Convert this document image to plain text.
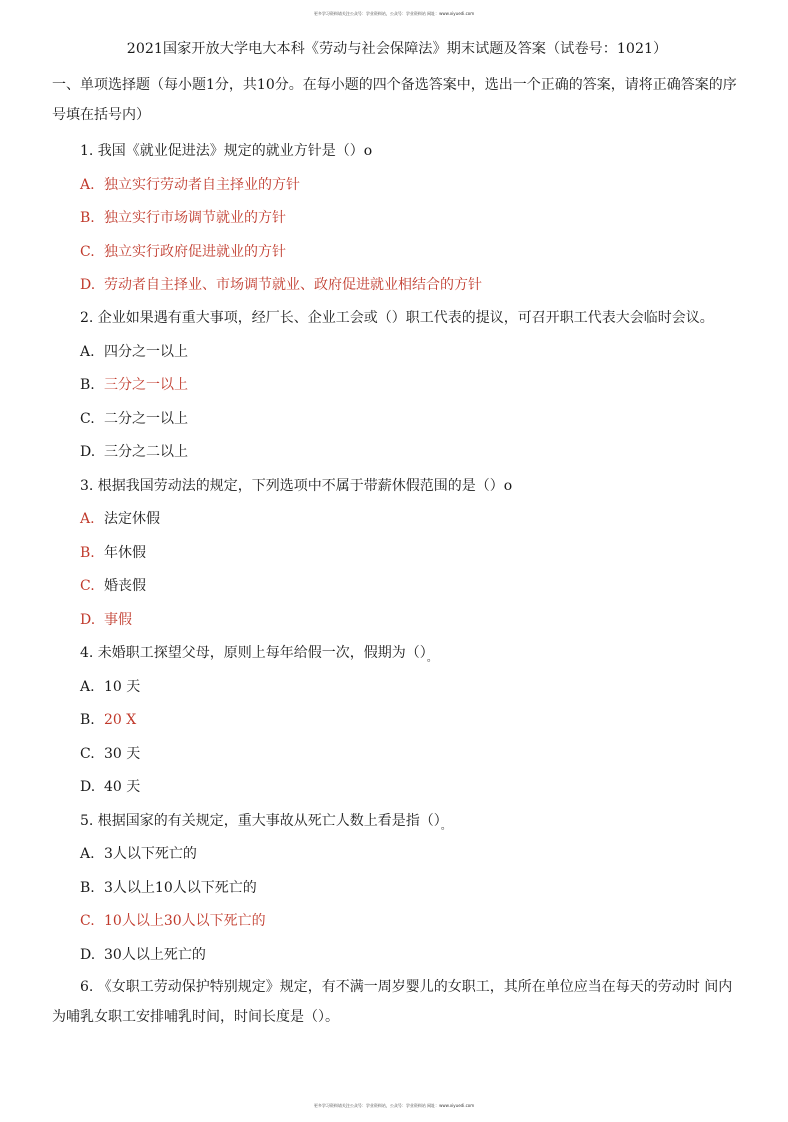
更多学习资料请关注公众号：学业资料站，公众号：学业资料站 网址：www.xiyuedi.com
2021国家开放大学电大本科《劳动与社会保障法》期末试题及答案（试卷号：1021）
一、单项选择题（每小题1分，共10分。在每小题的四个备选答案中，选出一个正确的答案，请将正确答案的序号填在括号内）
1. 我国《就业促进法》规定的就业方针是（）o
A. 独立实行劳动者自主择业的方针
B. 独立实行市场调节就业的方针
C. 独立实行政府促进就业的方针
D. 劳动者自主择业、市场调节就业、政府促进就业相结合的方针
2. 企业如果遇有重大事项，经厂长、企业工会或（）职工代表的提议，可召开职工代表大会临时会议。
A. 四分之一以上
B. 三分之一以上
C. 二分之一以上
D. 三分之二以上
3. 根据我国劳动法的规定，下列选项中不属于带薪休假范围的是（）o
A. 法定休假
B. 年休假
C. 婚丧假
D. 事假
4. 未婚职工探望父母，原则上每年给假一次，假期为$()_。$
A. 10 天
B. 20 X
C. 30 天
D. 40 天
5. 根据国家的有关规定，重大事故从死亡人数上看是指$()_。$
A. 3人以下死亡的
B. 3人以上10人以下死亡的
C. 10人以上30人以下死亡的
D. 30人以上死亡的
6. 《女职工劳动保护特别规定》规定，有不满一周岁婴儿的女职工，其所在单位应当在每天的劳动时 间内为哺乳女职工安排哺乳时间，时间长度是（）。
更多学习资料请关注公众号：学业资料站，公众号：学业资料站 网址：www.xiyuedi.com
